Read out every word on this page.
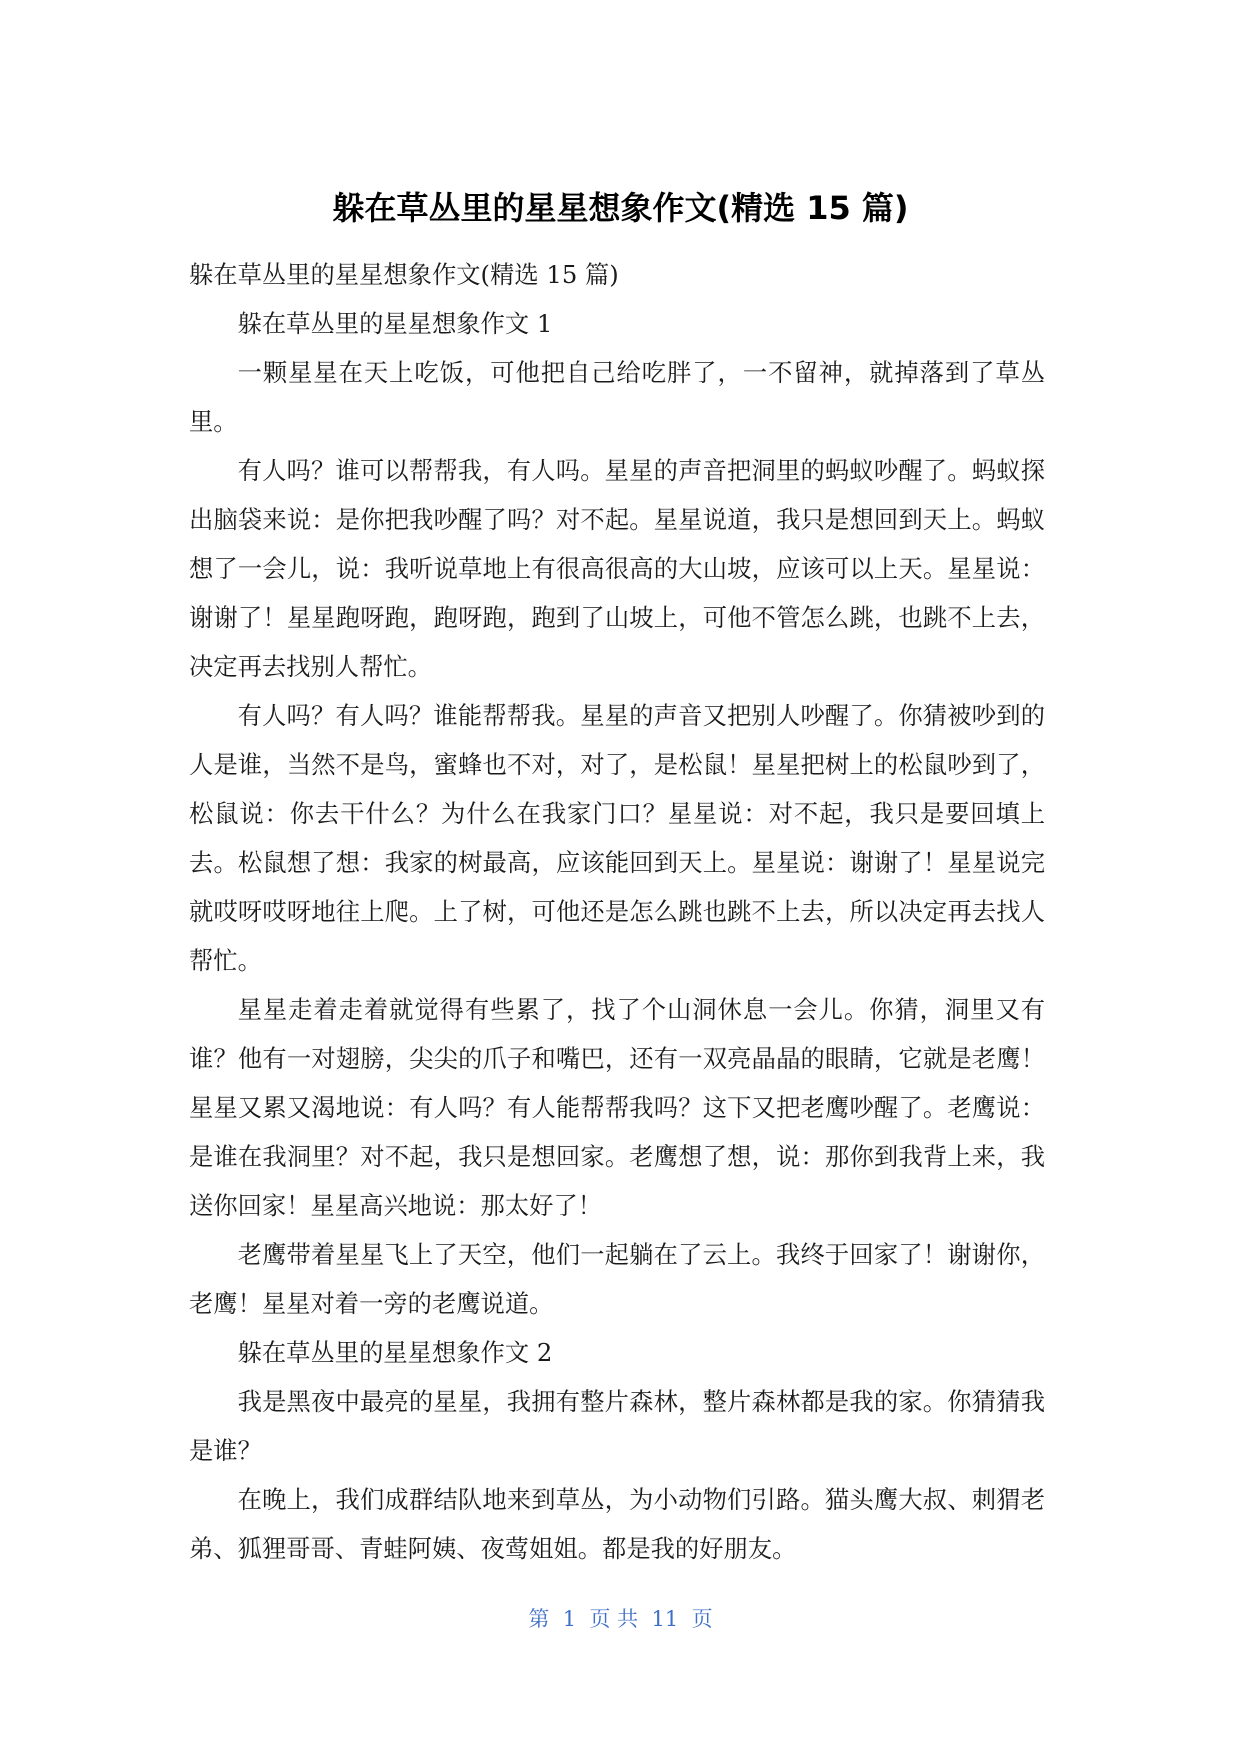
躲在草丛里的星星想象作文(精选 15 篇)

躲在草丛里的星星想象作文(精选 15 篇)

躲在草丛里的星星想象作文 1

一颗星星在天上吃饭，可他把自己给吃胖了，一不留神，就掉落到了草丛里。

有人吗？谁可以帮帮我，有人吗。星星的声音把洞里的蚂蚁吵醒了。蚂蚁探出脑袋来说：是你把我吵醒了吗？对不起。星星说道，我只是想回到天上。蚂蚁想了一会儿，说：我听说草地上有很高很高的大山坡，应该可以上天。星星说：谢谢了！星星跑呀跑，跑呀跑，跑到了山坡上，可他不管怎么跳，也跳不上去，决定再去找别人帮忙。

有人吗？有人吗？谁能帮帮我。星星的声音又把别人吵醒了。你猜被吵到的人是谁，当然不是鸟，蜜蜂也不对，对了，是松鼠！星星把树上的松鼠吵到了，松鼠说：你去干什么？为什么在我家门口？星星说：对不起，我只是要回填上去。松鼠想了想：我家的树最高，应该能回到天上。星星说：谢谢了！星星说完就哎呀哎呀地往上爬。上了树，可他还是怎么跳也跳不上去，所以决定再去找人帮忙。

星星走着走着就觉得有些累了，找了个山洞休息一会儿。你猜，洞里又有谁？他有一对翅膀，尖尖的爪子和嘴巴，还有一双亮晶晶的眼睛，它就是老鹰！星星又累又渴地说：有人吗？有人能帮帮我吗？这下又把老鹰吵醒了。老鹰说：是谁在我洞里？对不起，我只是想回家。老鹰想了想，说：那你到我背上来，我送你回家！星星高兴地说：那太好了！

老鹰带着星星飞上了天空，他们一起躺在了云上。我终于回家了！谢谢你，老鹰！星星对着一旁的老鹰说道。

躲在草丛里的星星想象作文 2

我是黑夜中最亮的星星，我拥有整片森林，整片森林都是我的家。你猜猜我是谁？

在晚上，我们成群结队地来到草丛，为小动物们引路。猫头鹰大叔、刺猬老弟、狐狸哥哥、青蛙阿姨、夜莺姐姐。都是我的好朋友。

第  1  页 共  11  页
